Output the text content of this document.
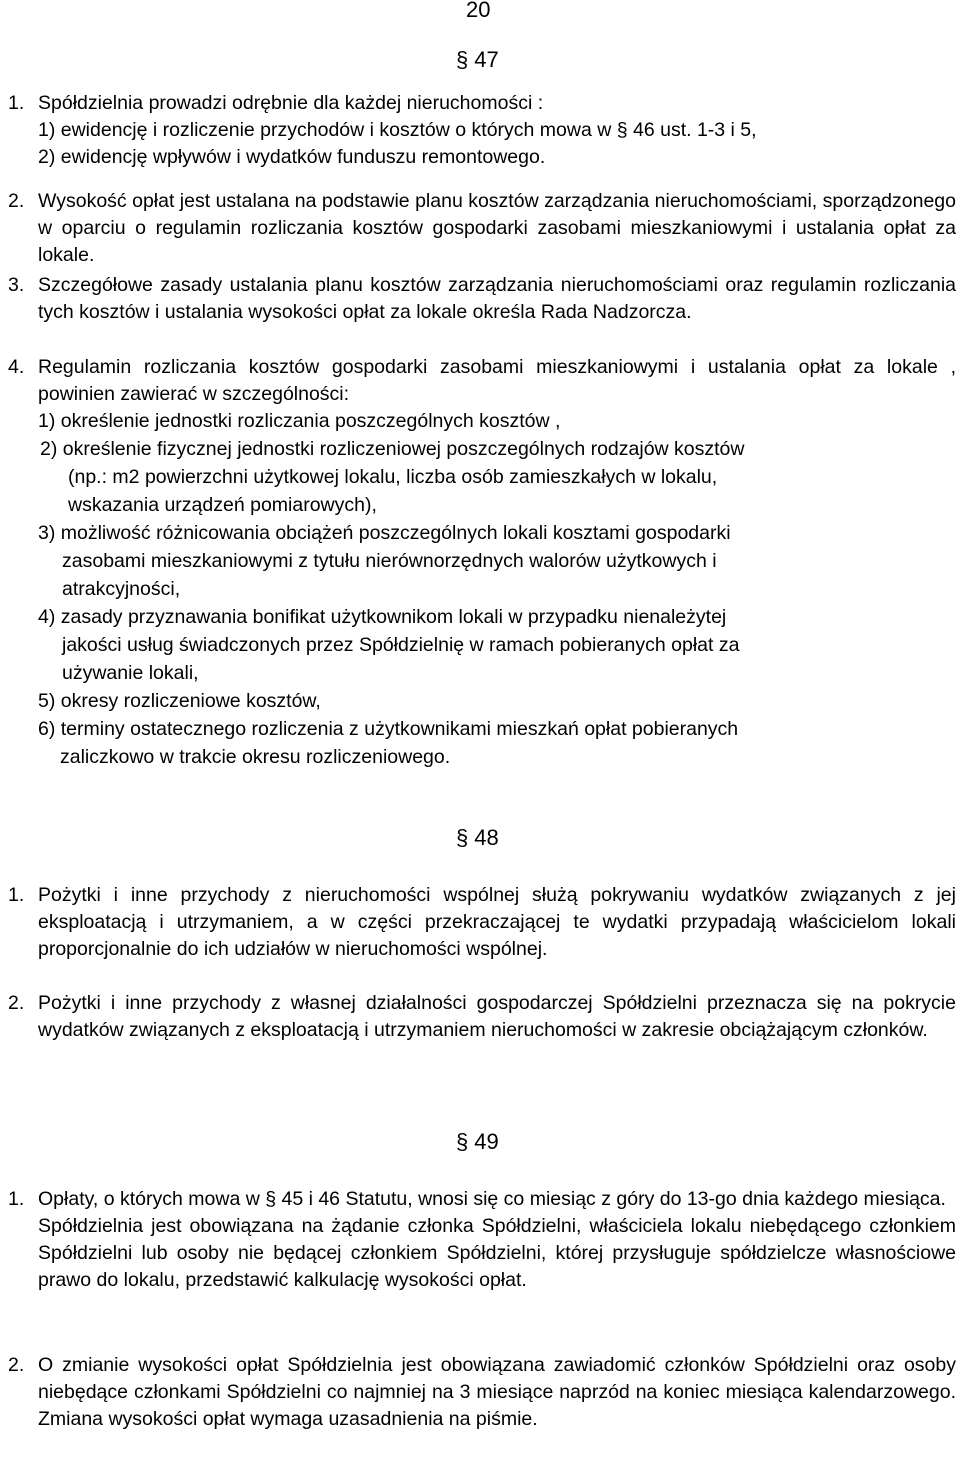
20
§ 47
1. Spółdzielnia prowadzi odrębnie dla każdej nieruchomości :

1) ewidencję i rozliczenie przychodów i kosztów o których mowa w § 46 ust. 1-3 i 5,

2) ewidencję wpływów i wydatków funduszu remontowego.

2. Wysokość opłat jest ustalana na podstawie planu kosztów zarządzania nieruchomościami, sporządzonego w oparciu o regulamin rozliczania kosztów gospodarki zasobami mieszkaniowymi i ustalania opłat za lokale.

3. Szczegółowe zasady ustalania planu kosztów zarządzania nieruchomościami oraz regulamin rozliczania tych kosztów i ustalania wysokości opłat za lokale określa Rada Nadzorcza.

4. Regulamin rozliczania kosztów gospodarki zasobami mieszkaniowymi i ustalania opłat za lokale , powinien zawierać w szczególności:

1) określenie jednostki rozliczania poszczególnych kosztów ,
2) określenie fizycznej jednostki rozliczeniowej poszczególnych rodzajów kosztów
(np.: m2 powierzchni użytkowej lokalu, liczba osób zamieszkałych w lokalu,
wskazania urządzeń pomiarowych),
3) możliwość różnicowania obciążeń poszczególnych lokali kosztami gospodarki
zasobami mieszkaniowymi z tytułu nierównorzędnych walorów użytkowych i
atrakcyjności,
4) zasady przyznawania bonifikat użytkownikom lokali w przypadku nienależytej
jakości usług świadczonych przez Spółdzielnię w ramach pobieranych opłat za
używanie lokali,
5) okresy rozliczeniowe kosztów,
6) terminy ostatecznego rozliczenia z użytkownikami mieszkań opłat pobieranych
zaliczkowo w trakcie okresu rozliczeniowego.
§ 48
1. Pożytki i inne przychody z nieruchomości wspólnej służą pokrywaniu wydatków związanych z jej eksploatacją i utrzymaniem, a w części przekraczającej te wydatki przypadają właścicielom lokali proporcjonalnie do ich udziałów w nieruchomości wspólnej.

2. Pożytki i inne przychody z własnej działalności gospodarczej Spółdzielni przeznacza się na pokrycie wydatków związanych z eksploatacją i utrzymaniem nieruchomości w zakresie obciążającym członków.

§ 49
1. Opłaty, o których mowa w § 45 i 46 Statutu, wnosi się co miesiąc z góry do 13-go dnia każdego miesiąca.

Spółdzielnia jest obowiązana na żądanie członka Spółdzielni, właściciela lokalu niebędącego członkiem Spółdzielni lub osoby nie będącej członkiem Spółdzielni, której przysługuje spółdzielcze własnościowe prawo do lokalu, przedstawić kalkulację wysokości opłat.

2. O zmianie wysokości opłat Spółdzielnia jest obowiązana zawiadomić członków Spółdzielni oraz osoby niebędące członkami Spółdzielni co najmniej na 3 miesiące naprzód na koniec miesiąca kalendarzowego. Zmiana wysokości opłat wymaga uzasadnienia na piśmie.
